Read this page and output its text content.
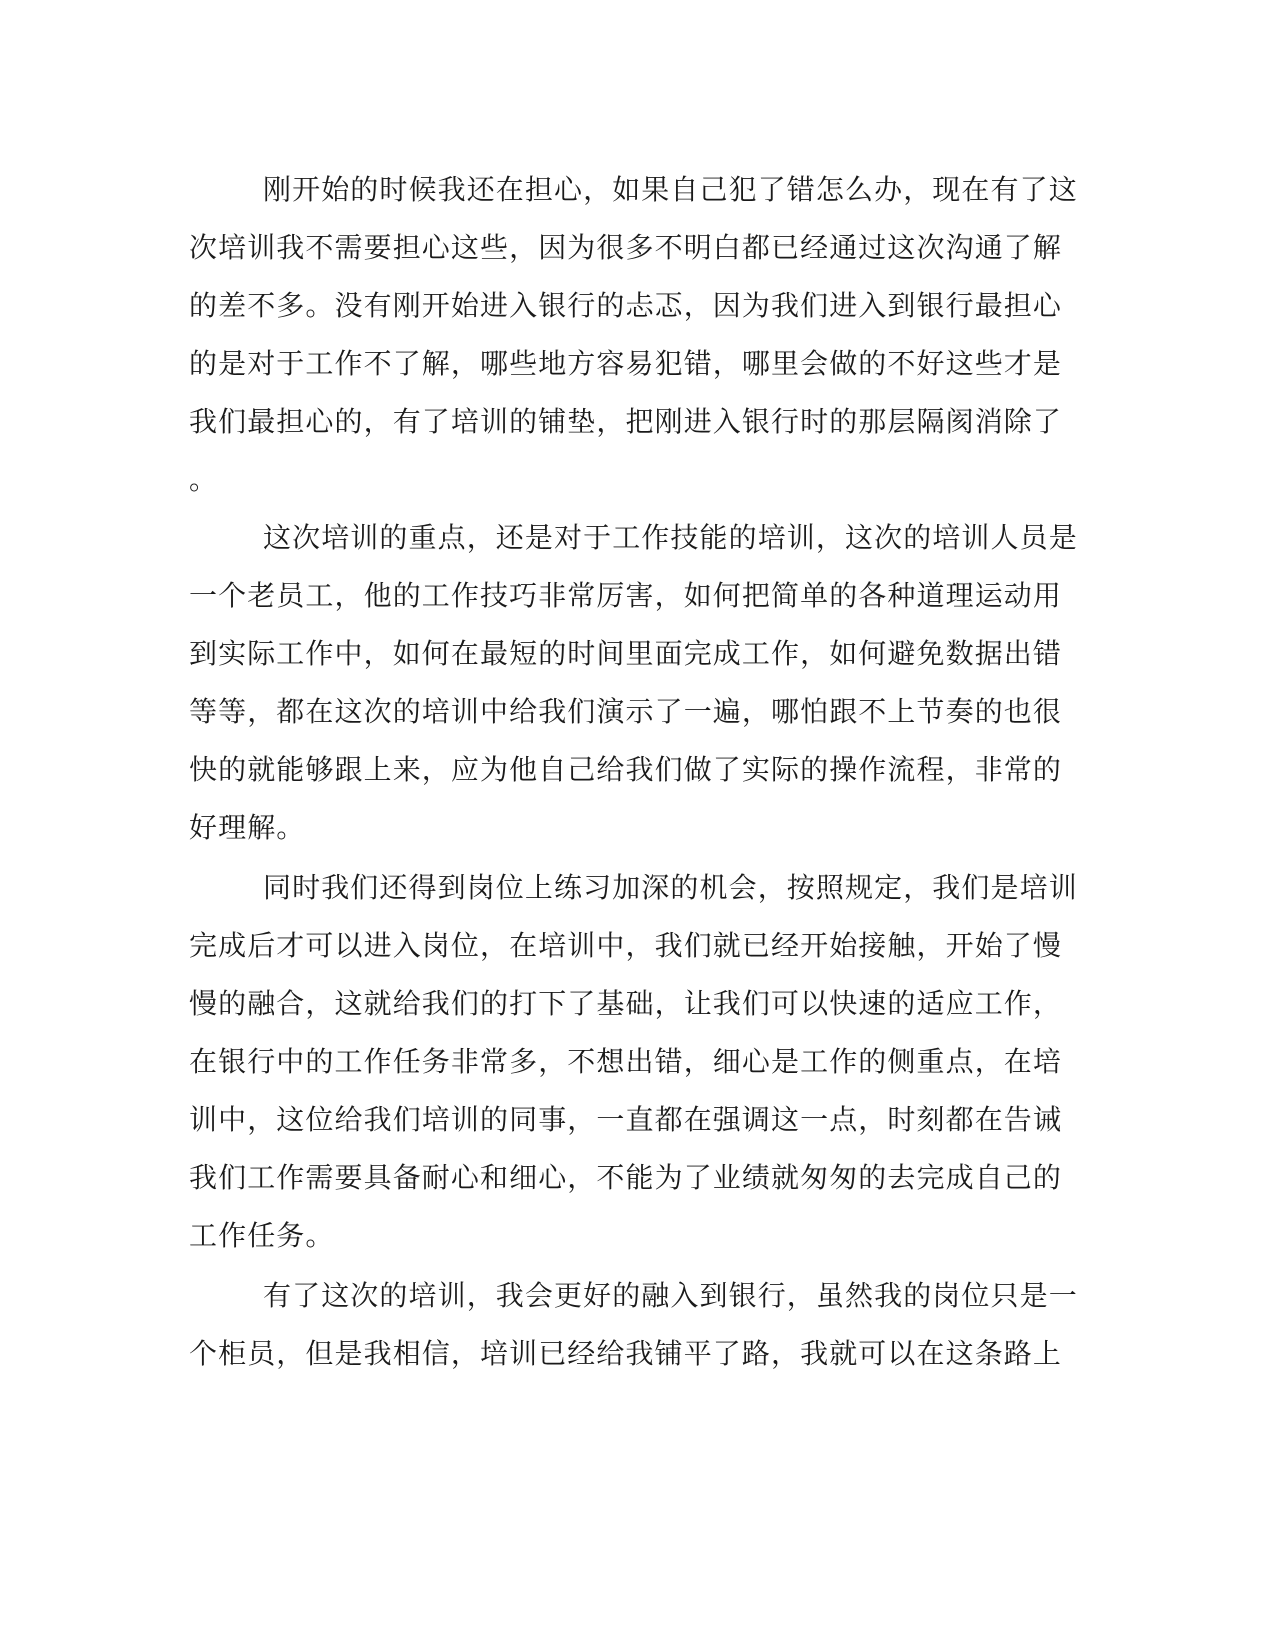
刚开始的时候我还在担心，如果自己犯了错怎么办，现在有了这
次培训我不需要担心这些，因为很多不明白都已经通过这次沟通了解
的差不多。没有刚开始进入银行的忐忑，因为我们进入到银行最担心
的是对于工作不了解，哪些地方容易犯错，哪里会做的不好这些才是
我们最担心的，有了培训的铺垫，把刚进入银行时的那层隔阂消除了
。
这次培训的重点，还是对于工作技能的培训，这次的培训人员是
一个老员工，他的工作技巧非常厉害，如何把简单的各种道理运动用
到实际工作中，如何在最短的时间里面完成工作，如何避免数据出错
等等，都在这次的培训中给我们演示了一遍，哪怕跟不上节奏的也很
快的就能够跟上来，应为他自己给我们做了实际的操作流程，非常的
好理解。
同时我们还得到岗位上练习加深的机会，按照规定，我们是培训
完成后才可以进入岗位，在培训中，我们就已经开始接触，开始了慢
慢的融合，这就给我们的打下了基础，让我们可以快速的适应工作，
在银行中的工作任务非常多，不想出错，细心是工作的侧重点，在培
训中，这位给我们培训的同事，一直都在强调这一点，时刻都在告诫
我们工作需要具备耐心和细心，不能为了业绩就匆匆的去完成自己的
工作任务。
有了这次的培训，我会更好的融入到银行，虽然我的岗位只是一
个柜员，但是我相信，培训已经给我铺平了路，我就可以在这条路上
